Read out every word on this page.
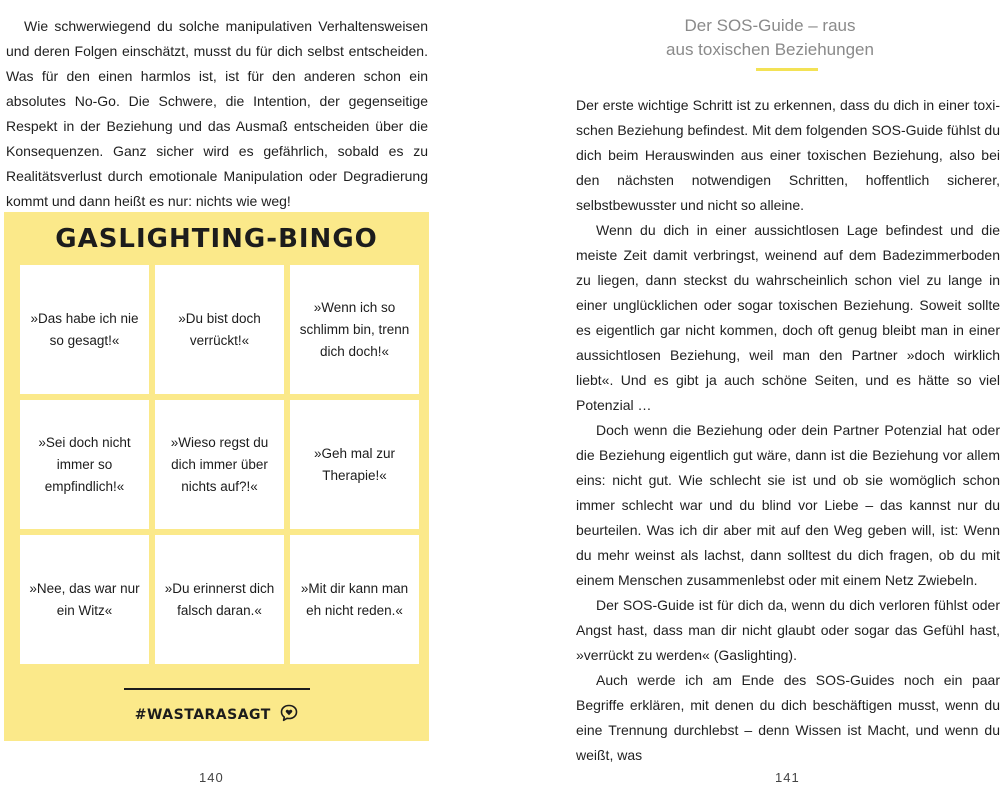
Wie schwerwiegend du solche manipulativen Verhaltensweisen und deren Folgen einschätzt, musst du für dich selbst entscheiden. Was für den einen harmlos ist, ist für den anderen schon ein absolutes No-Go. Die Schwere, die Intention, der gegenseitige Respekt in der Beziehung und das Ausmaß entscheiden über die Konsequenzen. Ganz sicher wird es gefährlich, sobald es zu Realitätsverlust durch emotionale Manipulation oder Degradierung kommt und dann heißt es nur: nichts wie weg!

GASLIGHTING-BINGO
»Das habe ich nie so gesagt!«
»Du bist doch verrückt!«
»Wenn ich so schlimm bin, trenn dich doch!«
»Sei doch nicht immer so empfindlich!«
»Wieso regst du dich immer über nichts auf?!«
»Geh mal zur Therapie!«
»Nee, das war nur ein Witz«
»Du erinnerst dich falsch daran.«
»Mit dir kann man eh nicht reden.«
#WASTARASAGT
140
Der SOS-Guide – raus
aus toxischen Beziehungen

Der erste wichtige Schritt ist zu erkennen, dass du dich in einer toxischen Beziehung befindest. Mit dem folgenden SOS-Guide fühlst du dich beim Herauswinden aus einer toxischen Beziehung, also bei den nächsten notwendigen Schritten, hoffentlich sicherer, selbstbewusster und nicht so alleine.

Wenn du dich in einer aussichtlosen Lage befindest und die meiste Zeit damit verbringst, weinend auf dem Badezimmerboden zu liegen, dann steckst du wahrscheinlich schon viel zu lange in einer unglücklichen oder sogar toxischen Beziehung. Soweit sollte es eigentlich gar nicht kommen, doch oft genug bleibt man in einer aussichtlosen Beziehung, weil man den Partner »doch wirklich liebt«. Und es gibt ja auch schöne Seiten, und es hätte so viel Potenzial …

Doch wenn die Beziehung oder dein Partner Potenzial hat oder die Beziehung eigentlich gut wäre, dann ist die Beziehung vor allem eins: nicht gut. Wie schlecht sie ist und ob sie womöglich schon immer schlecht war und du blind vor Liebe – das kannst nur du beurteilen. Was ich dir aber mit auf den Weg geben will, ist: Wenn du mehr weinst als lachst, dann solltest du dich fragen, ob du mit einem Menschen zusammenlebst oder mit einem Netz Zwiebeln.

Der SOS-Guide ist für dich da, wenn du dich verloren fühlst oder Angst hast, dass man dir nicht glaubt oder sogar das Gefühl hast, »verrückt zu werden« (Gaslighting).

Auch werde ich am Ende des SOS-Guides noch ein paar Begriffe erklären, mit denen du dich beschäftigen musst, wenn du eine Trennung durchlebst – denn Wissen ist Macht, und wenn du weißt, was

141
